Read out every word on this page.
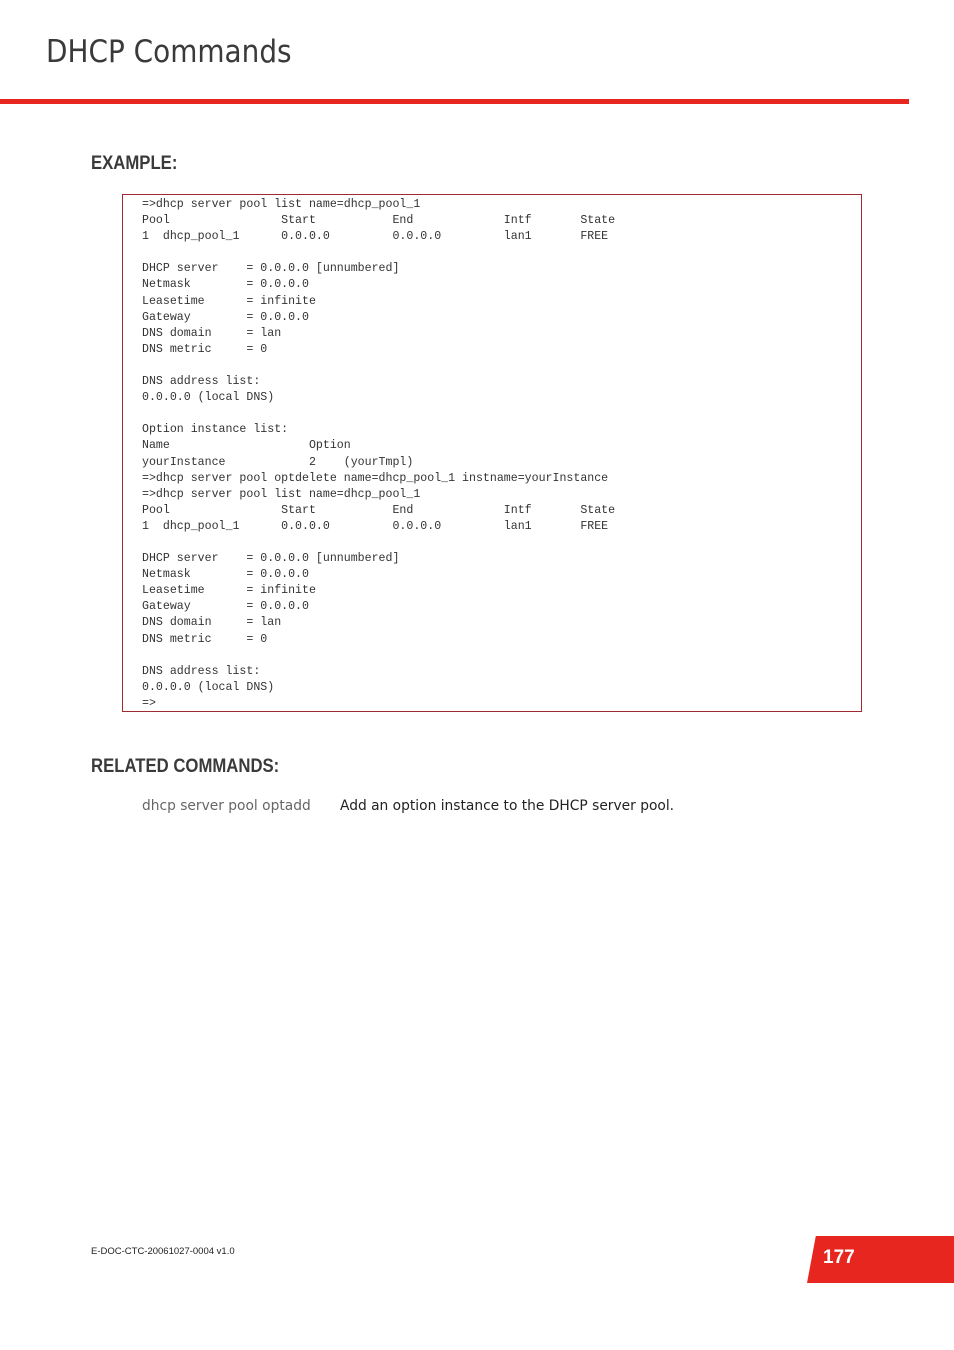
DHCP Commands
EXAMPLE:
=>dhcp server pool list name=dhcp_pool_1
Pool                Start           End             Intf       State
1  dhcp_pool_1      0.0.0.0         0.0.0.0         lan1       FREE
DHCP server    = 0.0.0.0 [unnumbered]
Netmask        = 0.0.0.0
Leasetime      = infinite
Gateway        = 0.0.0.0
DNS domain     = lan
DNS metric     = 0
DNS address list:
0.0.0.0 (local DNS)
Option instance list:
Name                    Option
yourInstance            2    (yourTmpl)
=>dhcp server pool optdelete name=dhcp_pool_1 instname=yourInstance
=>dhcp server pool list name=dhcp_pool_1
Pool                Start           End             Intf       State
1  dhcp_pool_1      0.0.0.0         0.0.0.0         lan1       FREE
DHCP server    = 0.0.0.0 [unnumbered]
Netmask        = 0.0.0.0
Leasetime      = infinite
Gateway        = 0.0.0.0
DNS domain     = lan
DNS metric     = 0
DNS address list:
0.0.0.0 (local DNS)
=>
RELATED COMMANDS:
dhcp server pool optadd Add an option instance to the DHCP server pool.
E-DOC-CTC-20061027-0004 v1.0	177
